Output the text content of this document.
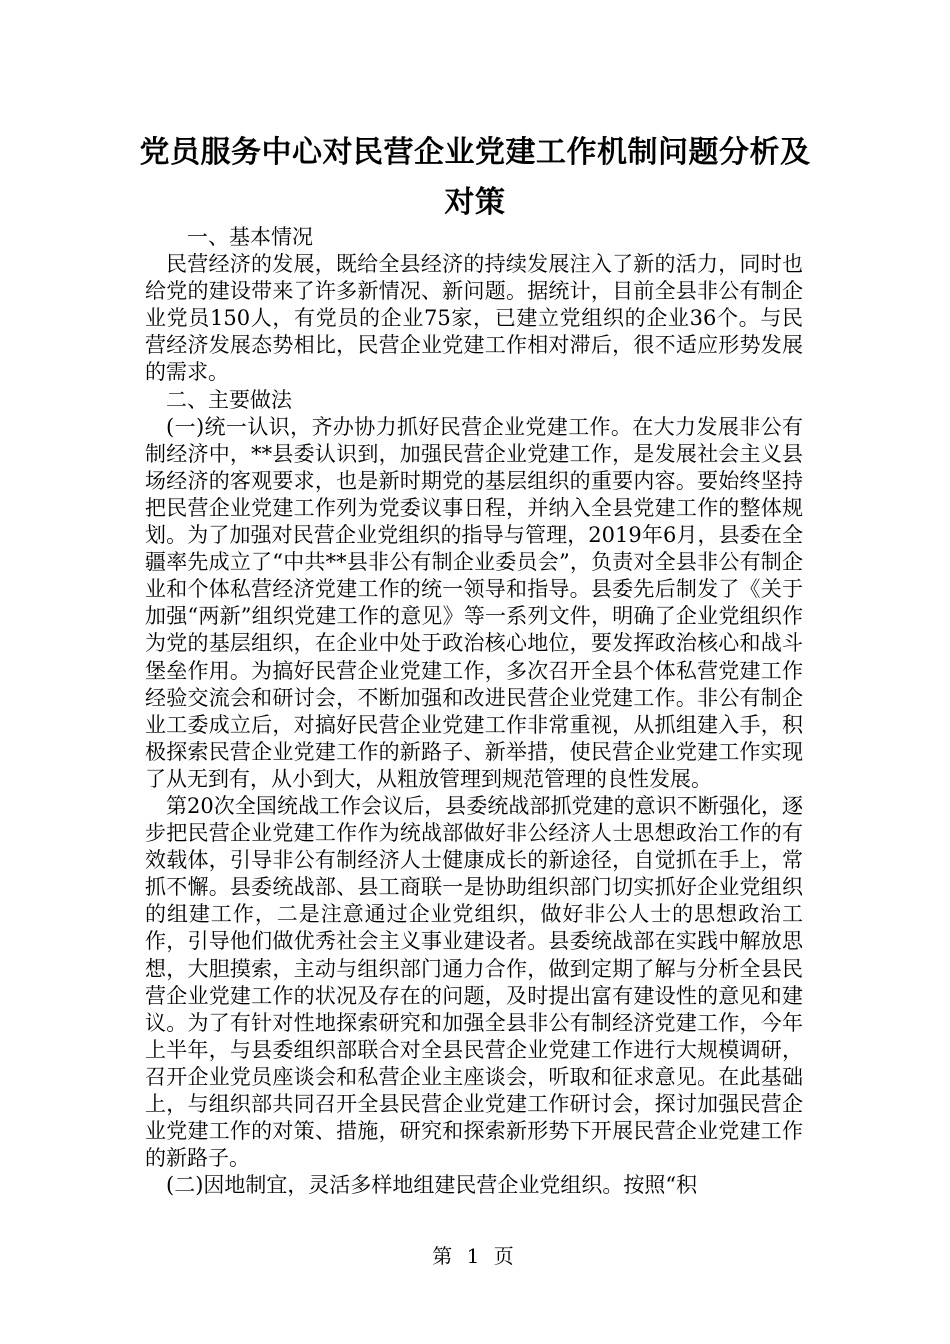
党员服务中心对民营企业党建工作机制问题分析及对策

一、基本情况

民营经济的发展，既给全县经济的持续发展注入了新的活力，同时也给党的建设带来了许多新情况、新问题。据统计，目前全县非公有制企业党员150人，有党员的企业75家，已建立党组织的企业36个。与民营经济发展态势相比，民营企业党建工作相对滞后，很不适应形势发展的需求。

二、主要做法

(一)统一认识，齐办协力抓好民营企业党建工作。在大力发展非公有制经济中，**县委认识到，加强民营企业党建工作，是发展社会主义县场经济的客观要求，也是新时期党的基层组织的重要内容。要始终坚持把民营企业党建工作列为党委议事日程，并纳入全县党建工作的整体规划。为了加强对民营企业党组织的指导与管理，2019年6月，县委在全疆率先成立了“中共**县非公有制企业委员会”，负责对全县非公有制企业和个体私营经济党建工作的统一领导和指导。县委先后制发了《关于加强“两新”组织党建工作的意见》等一系列文件，明确了企业党组织作为党的基层组织，在企业中处于政治核心地位，要发挥政治核心和战斗堡垒作用。为搞好民营企业党建工作，多次召开全县个体私营党建工作经验交流会和研讨会，不断加强和改进民营企业党建工作。非公有制企业工委成立后，对搞好民营企业党建工作非常重视，从抓组建入手，积极探索民营企业党建工作的新路子、新举措，使民营企业党建工作实现了从无到有，从小到大，从粗放管理到规范管理的良性发展。

第20次全国统战工作会议后，县委统战部抓党建的意识不断强化，逐步把民营企业党建工作作为统战部做好非公经济人士思想政治工作的有效载体，引导非公有制经济人士健康成长的新途径，自觉抓在手上，常抓不懈。县委统战部、县工商联一是协助组织部门切实抓好企业党组织的组建工作，二是注意通过企业党组织，做好非公人士的思想政治工作，引导他们做优秀社会主义事业建设者。县委统战部在实践中解放思想，大胆摸索，主动与组织部门通力合作，做到定期了解与分析全县民营企业党建工作的状况及存在的问题，及时提出富有建设性的意见和建议。为了有针对性地探索研究和加强全县非公有制经济党建工作，今年上半年，与县委组织部联合对全县民营企业党建工作进行大规模调研，召开企业党员座谈会和私营企业主座谈会，听取和征求意见。在此基础上，与组织部共同召开全县民营企业党建工作研讨会，探讨加强民营企业党建工作的对策、措施，研究和探索新形势下开展民营企业党建工作的新路子。

(二)因地制宜，灵活多样地组建民营企业党组织。按照“积

第 1 页
